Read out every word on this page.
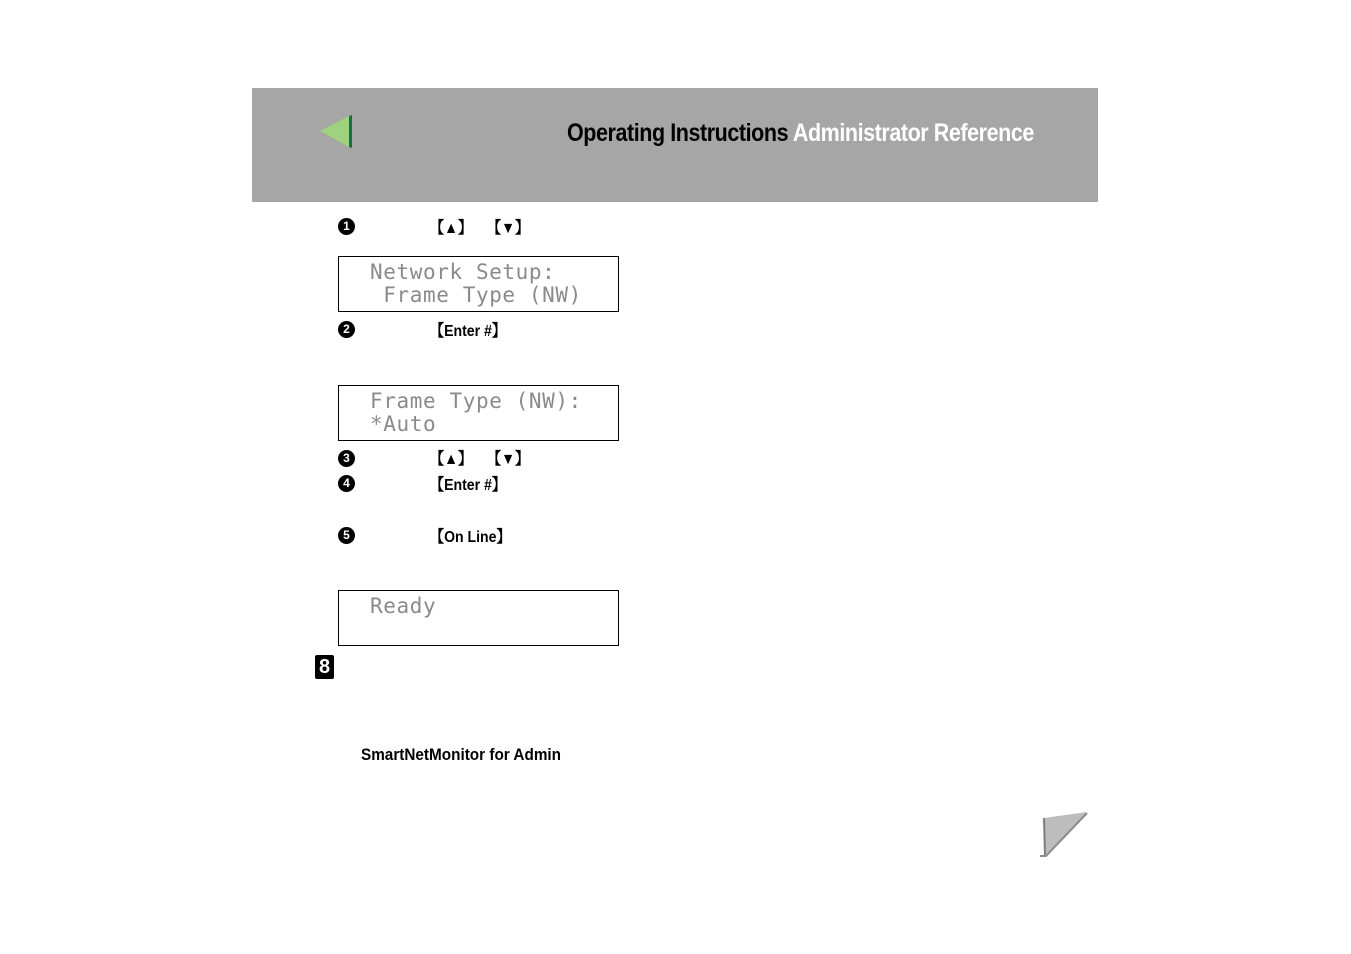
Operating Instructions Administrator Reference
1	【▲】 【▼】
Network Setup:
Frame Type (NW)
2	【Enter #】
Frame Type (NW):
*Auto
3	【▲】 【▼】
4	【Enter #】
5	【On Line】
Ready
8
SmartNetMonitor for Admin
